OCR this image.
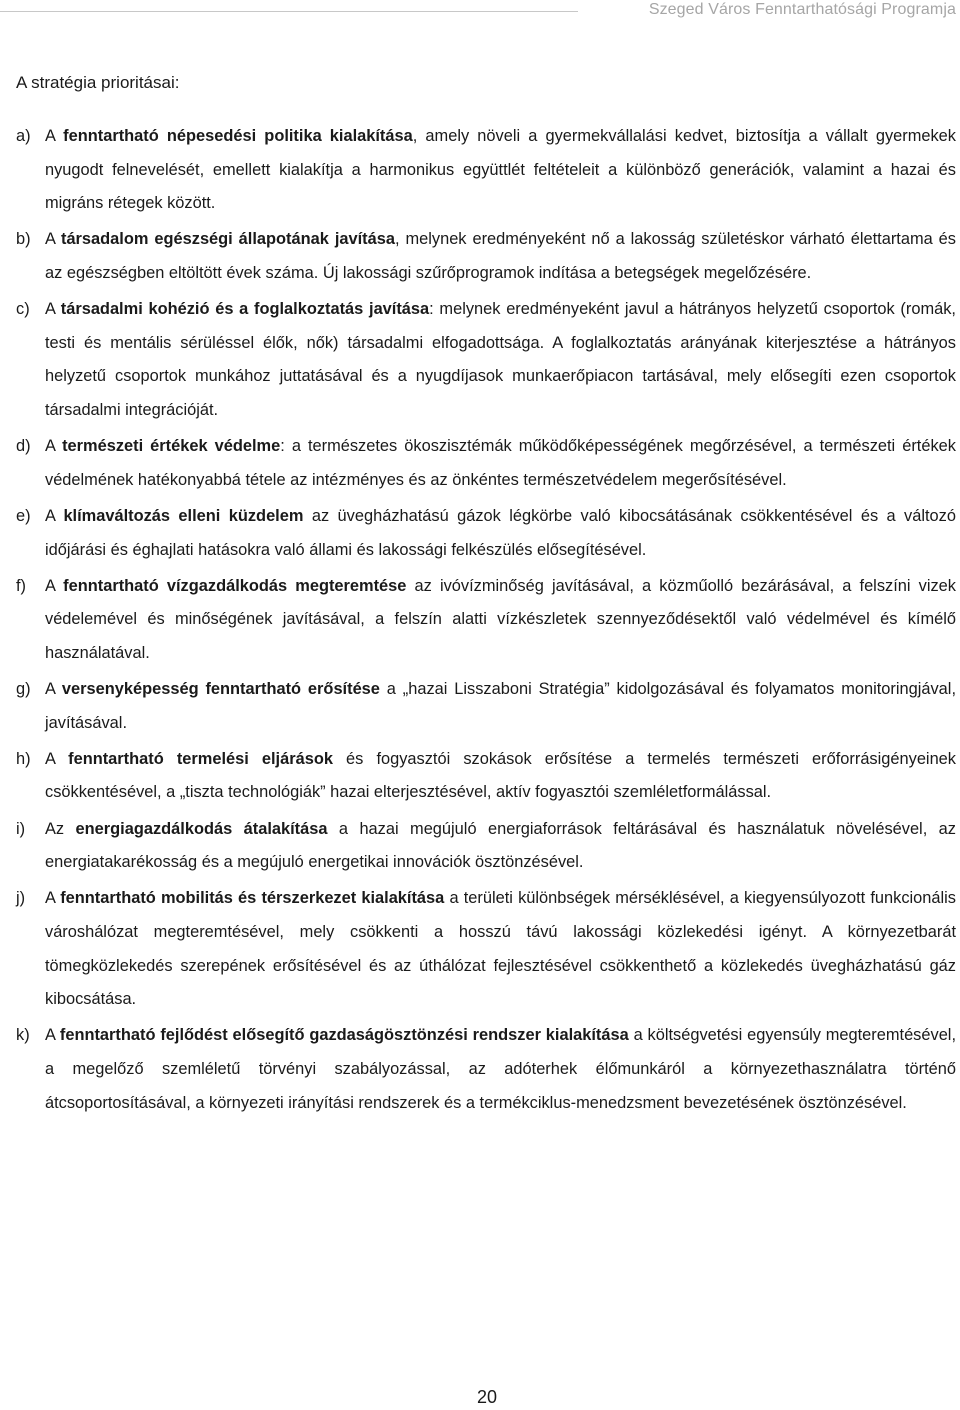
Szeged Város Fenntarthatósági Programja

A stratégia prioritásai:

a) A fenntartható népesedési politika kialakítása, amely növeli a gyermekvállalási kedvet, biztosítja a vállalt gyermekek nyugodt felnevelését, emellett kialakítja a harmonikus együttlét feltételeit a különböző generációk, valamint a hazai és migráns rétegek között.
b) A társadalom egészségi állapotának javítása, melynek eredményeként nő a lakosság születéskor várható élettartama és az egészségben eltöltött évek száma. Új lakossági szűrőprogramok indítása a betegségek megelőzésére.
c) A társadalmi kohézió és a foglalkoztatás javítása: melynek eredményeként javul a hátrányos helyzetű csoportok (romák, testi és mentális sérüléssel élők, nők) társadalmi elfogadottsága. A foglalkoztatás arányának kiterjesztése a hátrányos helyzetű csoportok munkához juttatásával és a nyugdíjasok munkaerőpiacon tartásával, mely elősegíti ezen csoportok társadalmi integrációját.
d) A természeti értékek védelme: a természetes ökoszisztémák működőképességének megőrzésével, a természeti értékek védelmének hatékonyabbá tétele az intézményes és az önkéntes természetvédelem megerősítésével.
e) A klímaváltozás elleni küzdelem az üvegházhatású gázok légkörbe való kibocsátásának csökkentésével és a változó időjárási és éghajlati hatásokra való állami és lakossági felkészülés elősegítésével.
f) A fenntartható vízgazdálkodás megteremtése az ivóvízminőség javításával, a közműolló bezárásával, a felszíni vizek védelemével és minőségének javításával, a felszín alatti vízkészletek szennyeződésektől való védelmével és kímélő használatával.
g) A versenyképesség fenntartható erősítése a „hazai Lisszaboni Stratégia” kidolgozásával és folyamatos monitoringjával, javításával.
h) A fenntartható termelési eljárások és fogyasztói szokások erősítése a termelés természeti erőforrásigényeinek csökkentésével, a „tiszta technológiák” hazai elterjesztésével, aktív fogyasztói szemléletformálással.
i) Az energiagazdálkodás átalakítása a hazai megújuló energiaforrások feltárásával és használatuk növelésével, az energiatakarékosság és a megújuló energetikai innovációk ösztönzésével.
j) A fenntartható mobilitás és térszerkezet kialakítása a területi különbségek mérséklésével, a kiegyensúlyozott funkcionális városhálózat megteremtésével, mely csökkenti a hosszú távú lakossági közlekedési igényt. A környezetbarát tömegközlekedés szerepének erősítésével és az úthálózat fejlesztésével csökkenthető a közlekedés üvegházhatású gáz kibocsátása.
k) A fenntartható fejlődést elősegítő gazdaságösztönzési rendszer kialakítása a költségvetési egyensúly megteremtésével, a megelőző szemléletű törvényi szabályozással, az adóterhek élőmunkáról a környezethasználatra történő átcsoportosításával, a környezeti irányítási rendszerek és a termékciklus-menedzsment bevezetésének ösztönzésével.
20
